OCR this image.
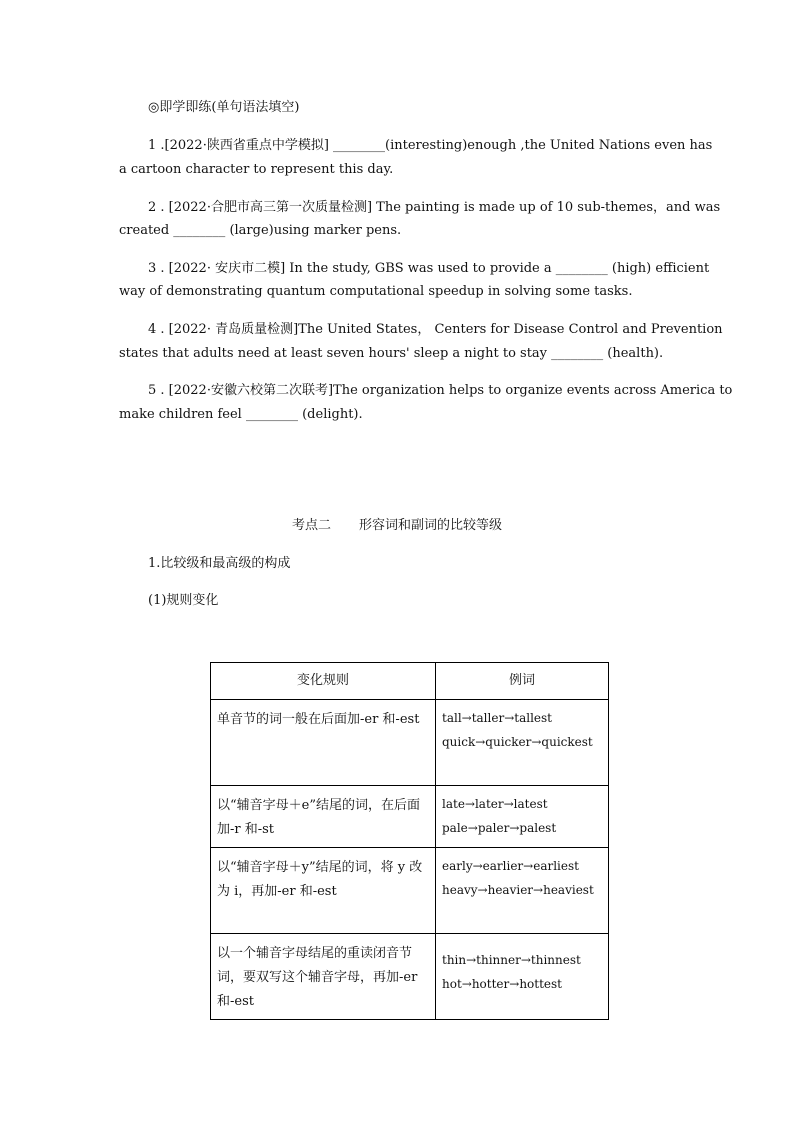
◎即学即练(单句语法填空)
1 .[2022·陕西省重点中学模拟] ________(interesting)enough ,the United Nations even has
a cartoon character to represent this day.
2 . [2022·合肥市高三第一次质量检测] The painting is made up of 10 sub-themes，and was
created ________ (large)using marker pens.
3 . [2022· 安庆市二模] In the study, GBS was used to provide a ________ (high) efficient
way of demonstrating quantum computational speedup in solving some tasks.
4 . [2022· 青岛质量检测]The United States， Centers for Disease Control and Prevention
states that adults need at least seven hours' sleep a night to stay ________ (health).
5 . [2022·安徽六校第二次联考]The organization helps to organize events across America to
make children feel ________ (delight).
考点二 形容词和副词的比较等级
1.比较级和最高级的构成
(1)规则变化
变化规则	例词
单音节的词一般在后面加-er 和-est	tall→taller→tallest
quick→quicker→quickest

以“辅音字母＋e”结尾的词，在后面加-r 和-st	late→later→latest
pale→paler→palest

以“辅音字母＋y”结尾的词，将 y 改为 i，再加-er 和-est	early→earlier→earliest
heavy→heavier→heaviest

以一个辅音字母结尾的重读闭音节词，要双写这个辅音字母，再加-er 和-est	thin→thinner→thinnest
hot→hotter→hottest
